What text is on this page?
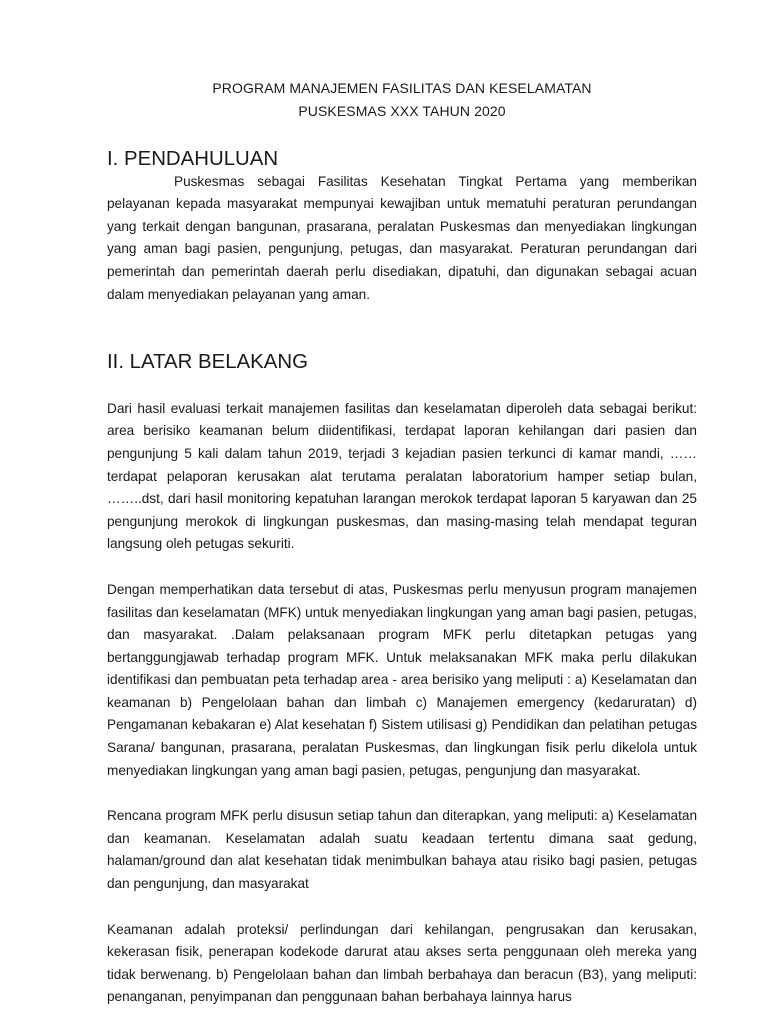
PROGRAM MANAJEMEN FASILITAS DAN KESELAMATAN
PUSKESMAS XXX TAHUN 2020
I. PENDAHULUAN

Puskesmas sebagai Fasilitas Kesehatan Tingkat Pertama yang memberikan pelayanan kepada masyarakat mempunyai kewajiban untuk mematuhi peraturan perundangan yang terkait dengan bangunan, prasarana, peralatan Puskesmas dan menyediakan lingkungan yang aman bagi pasien, pengunjung, petugas, dan masyarakat. Peraturan perundangan dari pemerintah dan pemerintah daerah perlu disediakan, dipatuhi, dan digunakan sebagai acuan dalam menyediakan pelayanan yang aman.

II. LATAR BELAKANG

Dari hasil evaluasi terkait manajemen fasilitas dan keselamatan diperoleh data sebagai berikut: area berisiko keamanan belum diidentifikasi, terdapat laporan kehilangan dari pasien dan pengunjung 5 kali dalam tahun 2019, terjadi 3 kejadian pasien terkunci di kamar mandi, …… terdapat pelaporan kerusakan alat terutama peralatan laboratorium hamper setiap bulan, ……..dst, dari hasil monitoring kepatuhan larangan merokok terdapat laporan 5 karyawan dan 25 pengunjung merokok di lingkungan puskesmas, dan masing-masing telah mendapat teguran langsung oleh petugas sekuriti.

Dengan memperhatikan data tersebut di atas, Puskesmas perlu menyusun program manajemen fasilitas dan keselamatan (MFK) untuk menyediakan lingkungan yang aman bagi pasien, petugas, dan masyarakat. .Dalam pelaksanaan program MFK perlu ditetapkan petugas yang bertanggungjawab terhadap program MFK. Untuk melaksanakan MFK maka perlu dilakukan identifikasi dan pembuatan peta terhadap area - area berisiko yang meliputi : a) Keselamatan dan keamanan b) Pengelolaan bahan dan limbah c) Manajemen emergency (kedaruratan) d) Pengamanan kebakaran e) Alat kesehatan f) Sistem utilisasi g) Pendidikan dan pelatihan petugas Sarana/ bangunan, prasarana, peralatan Puskesmas, dan lingkungan fisik perlu dikelola untuk menyediakan lingkungan yang aman bagi pasien, petugas, pengunjung dan masyarakat.

Rencana program MFK perlu disusun setiap tahun dan diterapkan, yang meliputi: a) Keselamatan dan keamanan. Keselamatan adalah suatu keadaan tertentu dimana saat gedung, halaman/ground dan alat kesehatan tidak menimbulkan bahaya atau risiko bagi pasien, petugas dan pengunjung, dan masyarakat

Keamanan adalah proteksi/ perlindungan dari kehilangan, pengrusakan dan kerusakan, kekerasan fisik, penerapan kodekode darurat atau akses serta penggunaan oleh mereka yang tidak berwenang. b) Pengelolaan bahan dan limbah berbahaya dan beracun (B3), yang meliputi: penanganan, penyimpanan dan penggunaan bahan berbahaya lainnya harus
